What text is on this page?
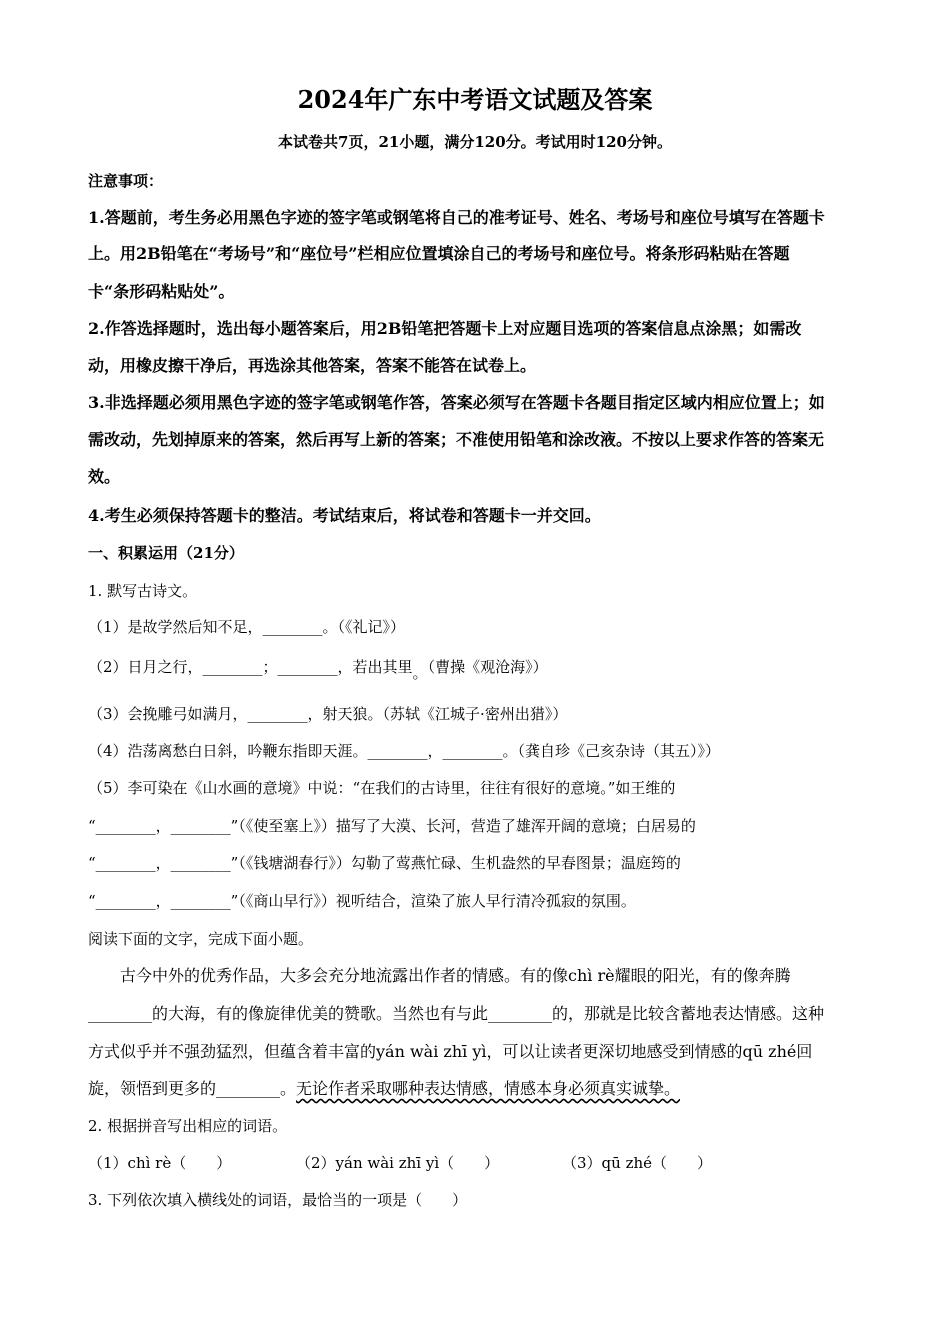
2024年广东中考语文试题及答案
本试卷共7页，21小题，满分120分。考试用时120分钟。
注意事项：
1.答题前，考生务必用黑色字迹的签字笔或钢笔将自己的准考证号、姓名、考场号和座位号填写在答题卡
上。用2B铅笔在“考场号”和“座位号”栏相应位置填涂自己的考场号和座位号。将条形码粘贴在答题
卡“条形码粘贴处”。
2.作答选择题时，选出每小题答案后，用2B铅笔把答题卡上对应题目选项的答案信息点涂黑；如需改
动，用橡皮擦干净后，再选涂其他答案，答案不能答在试卷上。
3.非选择题必须用黑色字迹的签字笔或钢笔作答，答案必须写在答题卡各题目指定区域内相应位置上；如
需改动，先划掉原来的答案，然后再写上新的答案；不准使用铅笔和涂改液。不按以上要求作答的答案无
效。
4.考生必须保持答题卡的整洁。考试结束后，将试卷和答题卡一并交回。
一、积累运用（21分）
1. 默写古诗文。
（1）是故学然后知不足，________。（《礼记》）
（2）日月之行，________；________，若出其里。（曹操《观沧海》）
（3）会挽雕弓如满月，________，射天狼。（苏轼《江城子·密州出猎》）
（4）浩荡离愁白日斜，吟鞭东指即天涯。________，________。（龚自珍《己亥杂诗（其五）》）
（5）李可染在《山水画的意境》中说：“在我们的古诗里，往往有很好的意境。”如王维的
“________，________”（《使至塞上》）描写了大漠、长河，营造了雄浑开阔的意境；白居易的
“________，________”（《钱塘湖春行》）勾勒了莺燕忙碌、生机盎然的早春图景；温庭筠的
“________，________”（《商山早行》）视听结合，渲染了旅人早行清冷孤寂的氛围。
阅读下面的文字，完成下面小题。
古今中外的优秀作品，大多会充分地流露出作者的情感。有的像chì rè耀眼的阳光，有的像奔腾
________的大海，有的像旋律优美的赞歌。当然也有与此________的，那就是比较含蓄地表达情感。这种
方式似乎并不强劲猛烈，但蕴含着丰富的yán wài zhī yì，可以让读者更深切地感受到情感的qū zhé回
旋，领悟到更多的________。无论作者采取哪种表达情感，情感本身必须真实诚挚。
2. 根据拼音写出相应的词语。
（1）chì rè（　　）	（2）yán wài zhī yì（　　）	（3）qū zhé（　　）
3. 下列依次填入横线处的词语，最恰当的一项是（　　）
